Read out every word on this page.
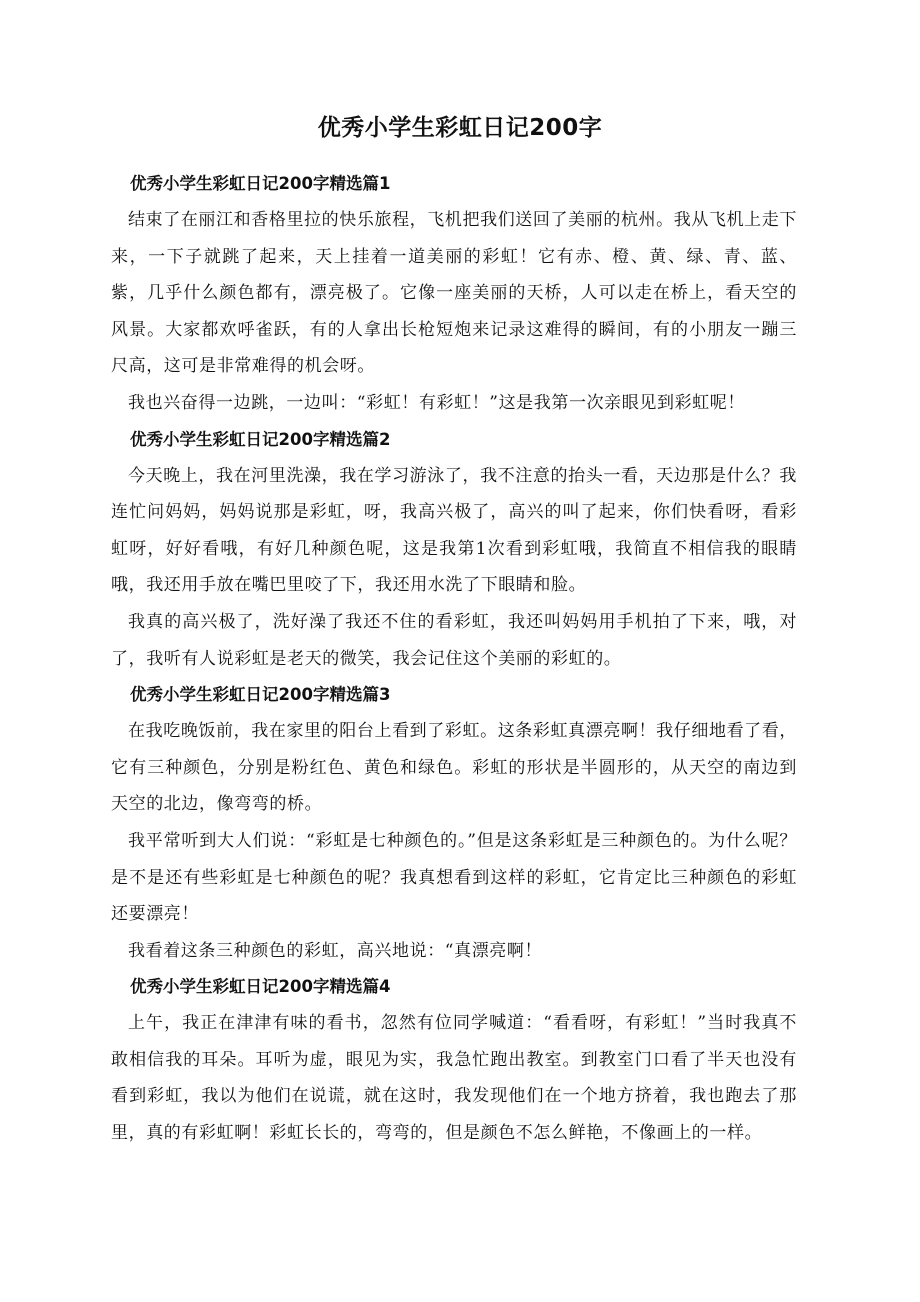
优秀小学生彩虹日记200字
优秀小学生彩虹日记200字精选篇1

结束了在丽江和香格里拉的快乐旅程，飞机把我们送回了美丽的杭州。我从飞机上走下来，一下子就跳了起来，天上挂着一道美丽的彩虹！它有赤、橙、黄、绿、青、蓝、紫，几乎什么颜色都有，漂亮极了。它像一座美丽的天桥，人可以走在桥上，看天空的风景。大家都欢呼雀跃，有的人拿出长枪短炮来记录这难得的瞬间，有的小朋友一蹦三尺高，这可是非常难得的机会呀。

我也兴奋得一边跳，一边叫：“彩虹！有彩虹！”这是我第一次亲眼见到彩虹呢！

优秀小学生彩虹日记200字精选篇2

今天晚上，我在河里洗澡，我在学习游泳了，我不注意的抬头一看，天边那是什么？我连忙问妈妈，妈妈说那是彩虹，呀，我高兴极了，高兴的叫了起来，你们快看呀，看彩虹呀，好好看哦，有好几种颜色呢，这是我第1次看到彩虹哦，我简直不相信我的眼睛哦，我还用手放在嘴巴里咬了下，我还用水洗了下眼睛和脸。

我真的高兴极了，洗好澡了我还不住的看彩虹，我还叫妈妈用手机拍了下来，哦，对了，我听有人说彩虹是老天的微笑，我会记住这个美丽的彩虹的。

优秀小学生彩虹日记200字精选篇3

在我吃晚饭前，我在家里的阳台上看到了彩虹。这条彩虹真漂亮啊！我仔细地看了看，它有三种颜色，分别是粉红色、黄色和绿色。彩虹的形状是半圆形的，从天空的南边到天空的北边，像弯弯的桥。

我平常听到大人们说：“彩虹是七种颜色的。”但是这条彩虹是三种颜色的。为什么呢？是不是还有些彩虹是七种颜色的呢？我真想看到这样的彩虹，它肯定比三种颜色的彩虹还要漂亮！

我看着这条三种颜色的彩虹，高兴地说：“真漂亮啊！

优秀小学生彩虹日记200字精选篇4

上午，我正在津津有味的看书，忽然有位同学喊道：“看看呀，有彩虹！”当时我真不敢相信我的耳朵。耳听为虚，眼见为实，我急忙跑出教室。到教室门口看了半天也没有看到彩虹，我以为他们在说谎，就在这时，我发现他们在一个地方挤着，我也跑去了那里，真的有彩虹啊！彩虹长长的，弯弯的，但是颜色不怎么鲜艳，不像画上的一样。
